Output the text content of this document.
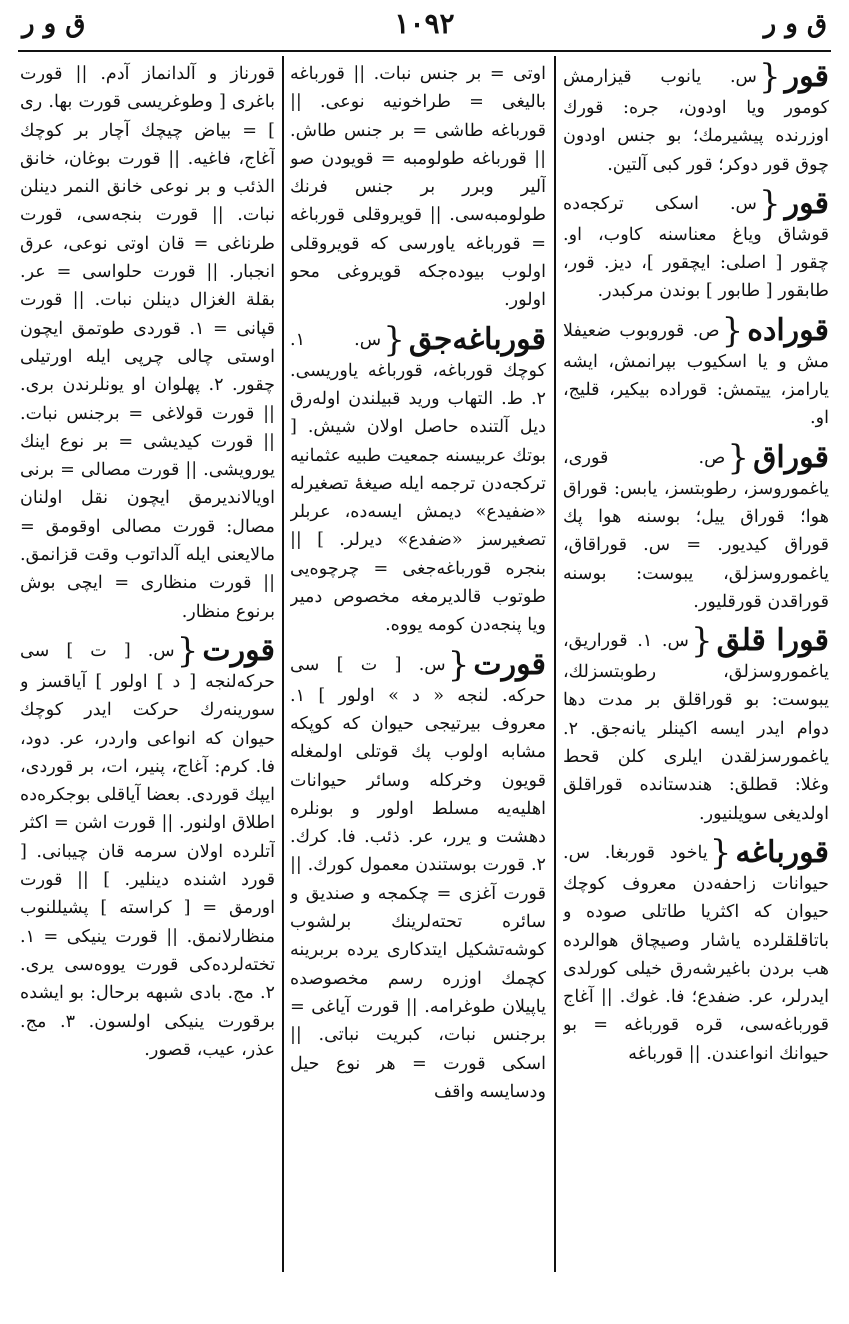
ق و ر	١٠٩٢	ق و ر

قور{س. یانوب قیزارمش کومور ویا اودون، جره: قورك اوزرنده پیشیرمك؛ بو جنس اودون چوق قور دوکر؛ قور کبی آلتین.

قور{س. اسکی ترکجه‌ده قوشاق ویاغ معناسنه کاوب، او. چقور [ اصلی: ایچقور ]، دیز. قور، طابقور [ طابور ] بوندن مرکبدر.

قوراده{ص. قوروبوب ضعیفلا مش و یا اسکیوب بپرانمش، ایشه یارامز، ییتمش: قوراده بیکیر، قلیج، او.

قوراق{ص. قوری، یاغموروسز، رطوبتسز، یابس: قوراق هوا؛ قوراق ییل؛ بوسنه هوا پك قوراق کیدیور. = س. قوراقاق، یاغموروسزلق، یبوست: بوسنه قوراقدن قورقلیور.

قورا قلق{س. ١. قوراریق، یاغموروسزلق، رطوبتسزلك، یبوست: بو قوراقلق بر مدت دها دوام ایدر ایسه اکینلر یانه‌جق. ٢. یاغمورسزلقدن ایلری کلن قحط وغلا: قطلق: هندستانده قوراقلق اولدیغی سویلنیور.

قورباغه{یاخود قوربغا. س. حیوانات زاحفه‌دن معروف کوچك حیوان که اکثریا طاتلی صوده و باتاقلقلرده یاشار وصیچاق هوالرده هب بردن باغیرشه‌رق خیلی کورلدی ایدرلر، عر. ضفدع؛ فا. غوك. || آغاج قورباغه‌سی، قره قورباغه = بو حیوانك انواعندن. || قورباغه

اوتی = بر جنس نبات. || قورباغه بالیغی = طراخونیه نوعی. || قورباغه طاشی = بر جنس طاش. || قورباغه طولومبه = قویودن صو آلیر وبرر بر جنس فرنك طولومبه‌سی. || قویروقلی قورباغه = قورباغه یاورسی که قویروقلی اولوب بیوده‌جکه قویروغی محو اولور.

قورباغه‌جق{س. ١. کوچك قورباغه، قورباغه یاوریسی. ٢. ط. التهاب ورید قبیلندن اوله‌رق دیل آلتنده حاصل اولان شیش. [ بوتك عربیسنه جمعیت طبیه عثمانیه ترکجه‌دن ترجمه ایله صیغهٔ تصغیرله «ضفیدع» دیمش ایسه‌ده، عربلر تصغیرسز «ضفدع» دیرلر. ] || بنجره قورباغه‌جغی = چرچوه‌یی طوتوب قالدیرمغه مخصوص دمیر ویا پنجه‌دن کومه یووه.

قورت{س. [ ت ] سی حرکه. لنجه « د » اولور ] ١. معروف بیرتیجی حیوان که کوپکه مشابه اولوب پك قوتلی اولمغله قویون وخرکله وسائر حیوانات اهلیه‌یه مسلط اولور و بونلره دهشت و یرر، عر. ذئب. فا. کرك. ٢. قورت بوستندن معمول کورك. || قورت آغزی = چکمجه و صندیق و سائره تحته‌لرینك برلشوب کوشه‌تشکیل ایتدکاری یرده بربرینه کچمك اوزره رسم مخصوصده یاپیلان طوغرامه. || قورت آیاغی = برجنس نبات، کبریت نباتی. || اسکی قورت = هر نوع حیل ودسایسه واقف

قورناز و آلدانماز آدم. || قورت باغری [ وطوغریسی قورت بها. ری ] = بیاض چیچك آچار بر کوچك آغاج، فاغیه. || قورت بوغان، خانق الذئب و بر نوعی خانق النمر دینلن نبات. || قورت بنجه‌سی، قورت طرناغی = قان اوتی نوعی، عرق انجبار. || قورت حلواسی = عر. بقلة الغزال دینلن نبات. || قورت قپانی = ١. قوردی طوتمق ایچون اوستی چالی چرپی ایله اورتیلی چقور. ٢. پهلوان او یونلرندن بری. || قورت قولاغی = برجنس نبات. || قورت کیدیشی = بر نوع اینك یورویشی. || قورت مصالی = برنی اویالاندیرمق ایچون نقل اولنان مصال: قورت مصالی اوقومق = مالایعنی ایله آلداتوب وقت قزانمق. || قورت منظاری = ایچی بوش برنوع منظار.

قورت{س. [ ت ] سی حرکه‌لنجه [ د ] اولور ] آیاقسز و سورینه‌رك حرکت ایدر کوچك حیوان که انواعی واردر، عر. دود، فا. کرم: آغاج، پنیر، ات، بر قوردی، ایپك قوردی. بعضا آیاقلی بوجکره‌ده اطلاق اولنور. || قورت اشن = اکثر آتلرده اولان سرمه قان چیبانی. [ قورد اشنده دینلیر. ] || قورت اورمق = [ کراسته ] پشیللنوب منظارلانمق. || قورت ینیکی = ١. تخته‌لرده‌کی قورت یووه‌سی یری. ٢. مج. بادی شبهه برحال: بو ایشده برقورت ینیکی اولسون. ٣. مج. عذر، عیب، قصور.
